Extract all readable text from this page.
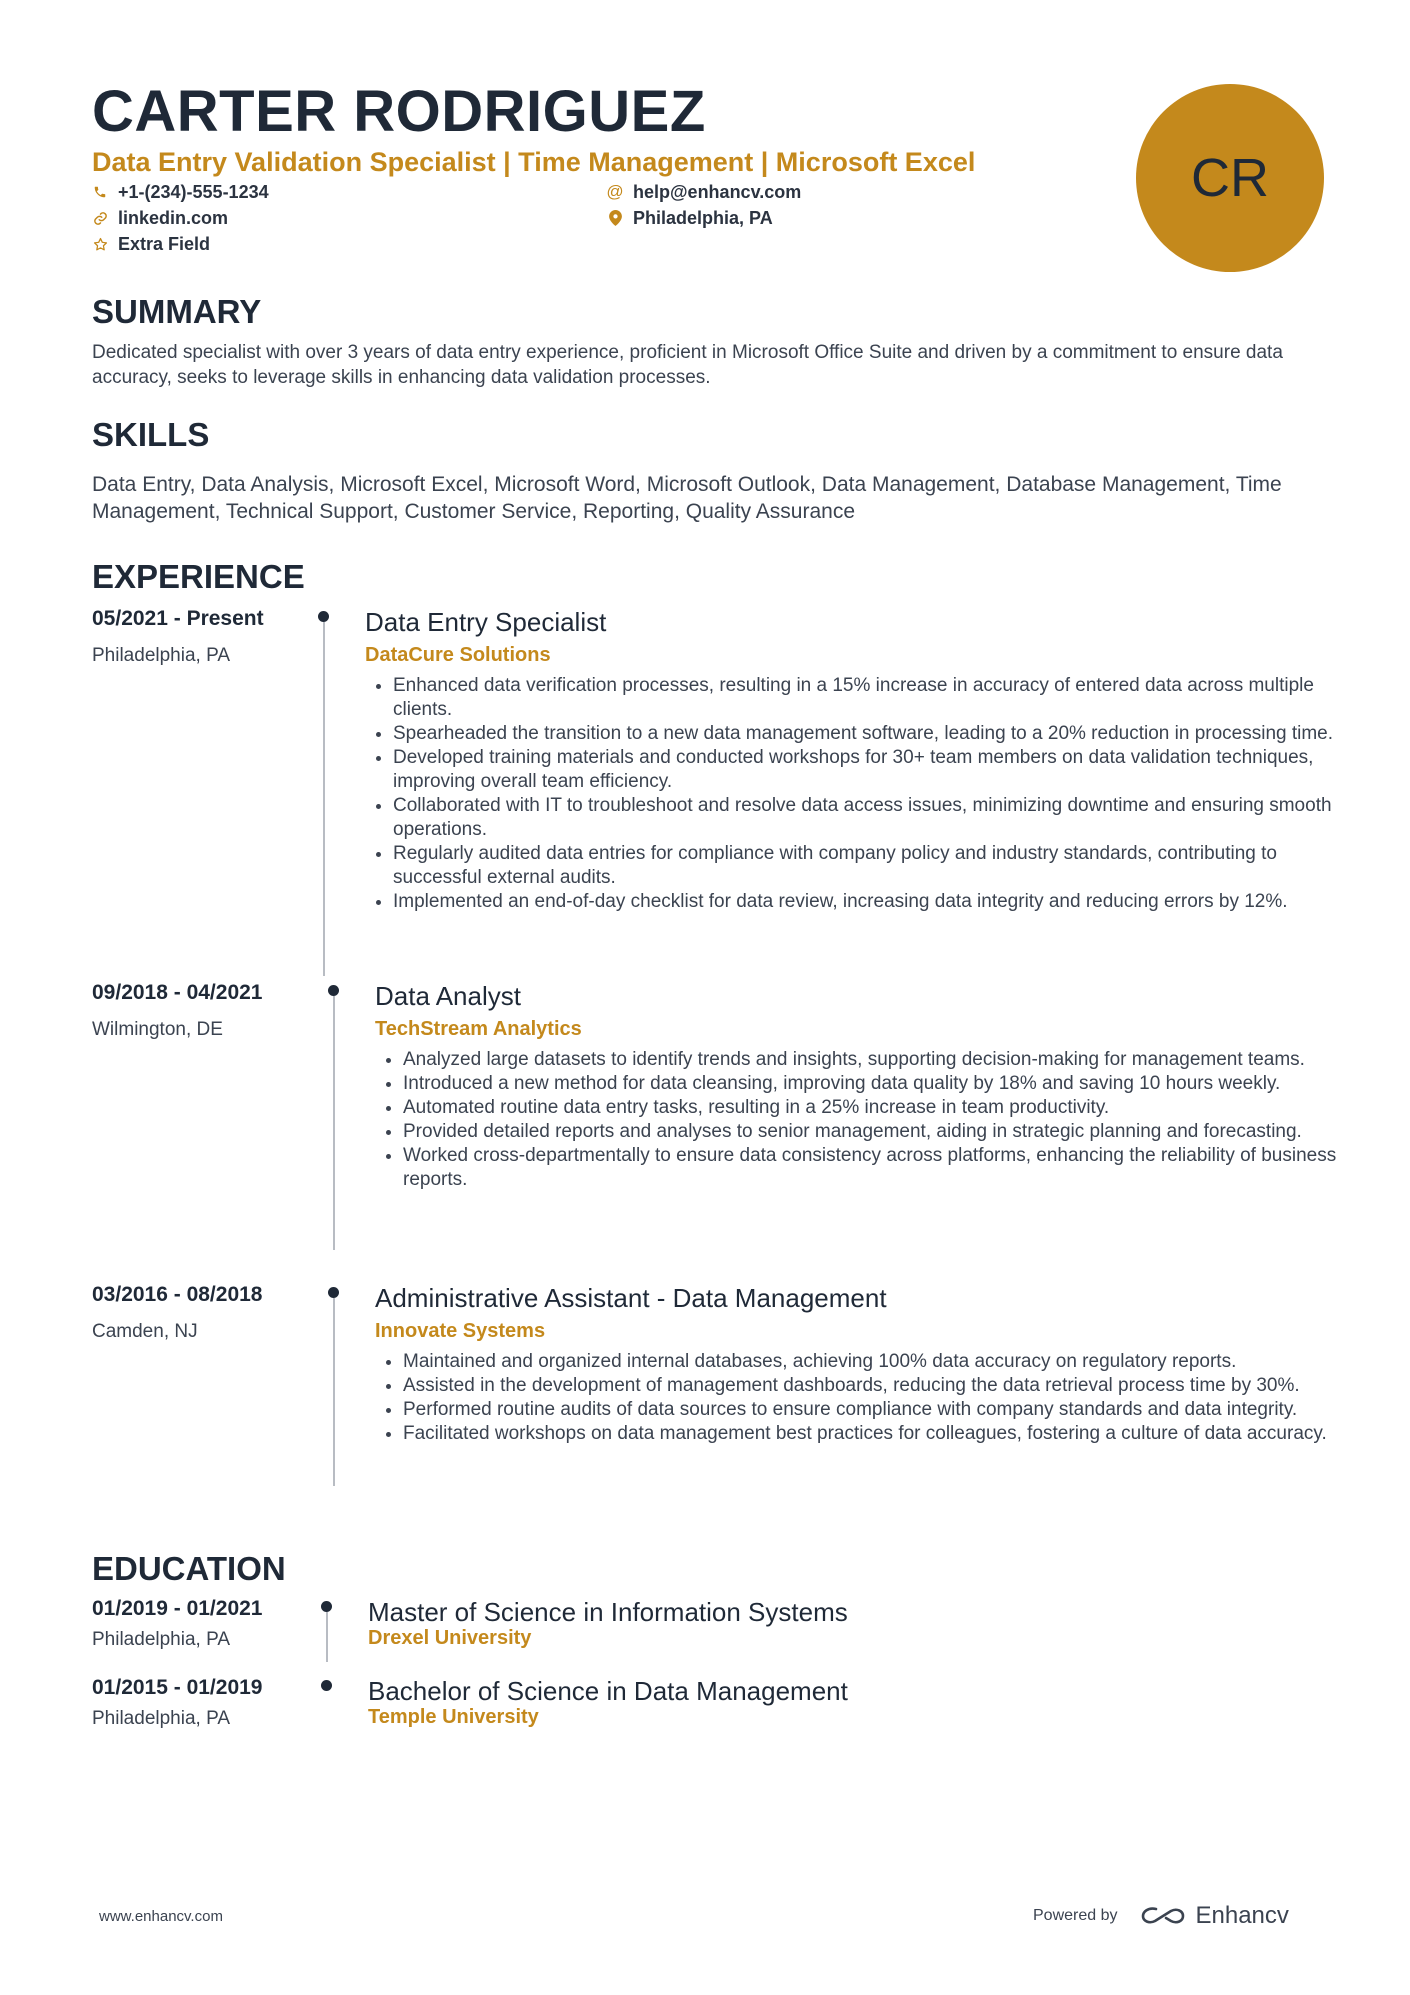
CARTER RODRIGUEZ
Data Entry Validation Specialist | Time Management | Microsoft Excel
+1-(234)-555-1234	@ help@enhancv.com
linkedin.com	Philadelphia, PA
Extra Field
CR
SUMMARY

Dedicated specialist with over 3 years of data entry experience, proficient in Microsoft Office Suite and driven by a commitment to ensure data accuracy, seeks to leverage skills in enhancing data validation processes.

SKILLS

Data Entry, Data Analysis, Microsoft Excel, Microsoft Word, Microsoft Outlook, Data Management, Database Management, Time Management, Technical Support, Customer Service, Reporting, Quality Assurance

EXPERIENCE
05/2021 - Present
Philadelphia, PA
Data Entry Specialist
DataCure Solutions
• Enhanced data verification processes, resulting in a 15% increase in accuracy of entered data across multiple clients.
• Spearheaded the transition to a new data management software, leading to a 20% reduction in processing time.
• Developed training materials and conducted workshops for 30+ team members on data validation techniques, improving overall team efficiency.
• Collaborated with IT to troubleshoot and resolve data access issues, minimizing downtime and ensuring smooth operations.
• Regularly audited data entries for compliance with company policy and industry standards, contributing to successful external audits.
• Implemented an end-of-day checklist for data review, increasing data integrity and reducing errors by 12%.
09/2018 - 04/2021
Wilmington, DE
Data Analyst
TechStream Analytics
• Analyzed large datasets to identify trends and insights, supporting decision-making for management teams.
• Introduced a new method for data cleansing, improving data quality by 18% and saving 10 hours weekly.
• Automated routine data entry tasks, resulting in a 25% increase in team productivity.
• Provided detailed reports and analyses to senior management, aiding in strategic planning and forecasting.
• Worked cross-departmentally to ensure data consistency across platforms, enhancing the reliability of business reports.
03/2016 - 08/2018
Camden, NJ
Administrative Assistant - Data Management
Innovate Systems
• Maintained and organized internal databases, achieving 100% data accuracy on regulatory reports.
• Assisted in the development of management dashboards, reducing the data retrieval process time by 30%.
• Performed routine audits of data sources to ensure compliance with company standards and data integrity.
• Facilitated workshops on data management best practices for colleagues, fostering a culture of data accuracy.
EDUCATION
01/2019 - 01/2021
Philadelphia, PA
Master of Science in Information Systems
Drexel University
01/2015 - 01/2019
Philadelphia, PA
Bachelor of Science in Data Management
Temple University
www.enhancv.com	Powered by	Enhancv
